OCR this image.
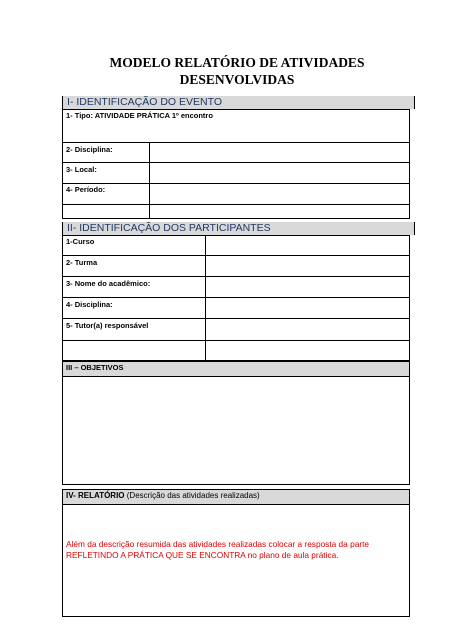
MODELO RELATÓRIO DE ATIVIDADES
DESENVOLVIDAS
I- IDENTIFICAÇÃO DO EVENTO
1- Tipo: ATIVIDADE PRÁTICA 1º encontro
2- Disciplina:
3- Local:
4- Período:
II- IDENTIFICAÇÃO DOS PARTICIPANTES
1-Curso
2- Turma
3- Nome do acadêmico:
4- Disciplina:
5- Tutor(a) responsável
III – OBJETIVOS
IV- RELATÓRIO (Descrição das atividades realizadas)
Além da descrição resumida das atividades realizadas colocar a resposta da parte
REFLETINDO A PRÁTICA QUE SE ENCONTRA no plano de aula prática.
